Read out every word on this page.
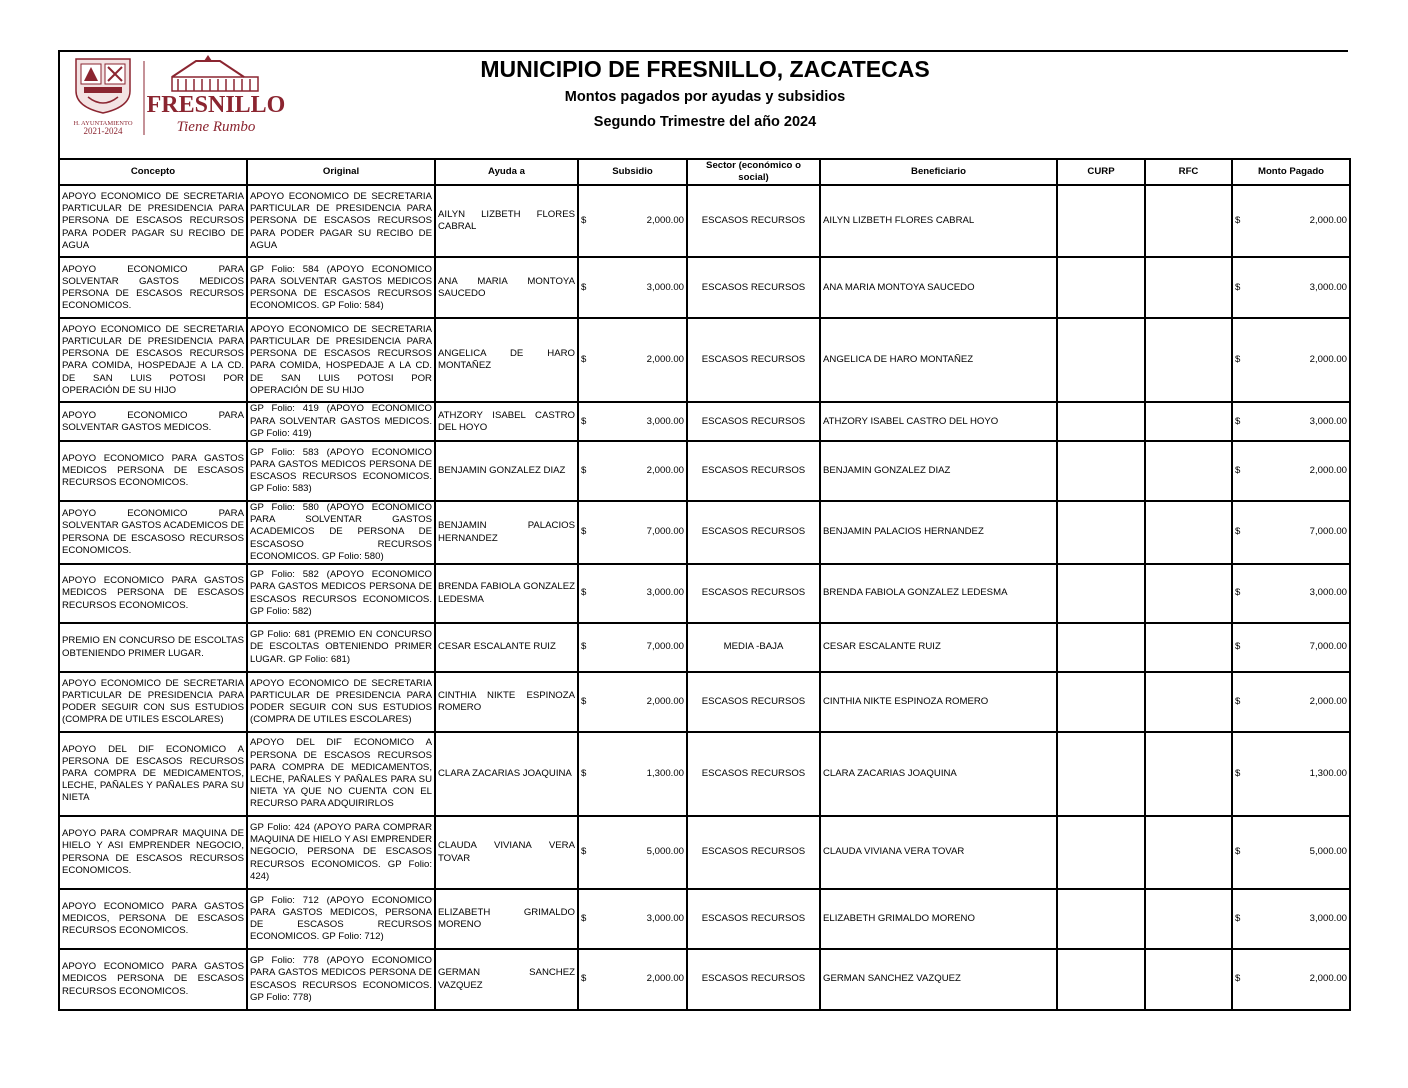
H. AYUNTAMIENTO
2021-2024
FRESNILLO
Tiene Rumbo
MUNICIPIO DE FRESNILLO, ZACATECAS
Montos pagados por ayudas y subsidios
Segundo Trimestre del año 2024
Concepto	Original	Ayuda a	Subsidio	Sector (económico o social)	Beneficiario	CURP	RFC	Monto Pagado
APOYO ECONOMICO DE SECRETARIA PARTICULAR DE PRESIDENCIA PARA PERSONA DE ESCASOS RECURSOS PARA PODER PAGAR SU RECIBO DE AGUA	APOYO ECONOMICO DE SECRETARIA PARTICULAR DE PRESIDENCIA PARA PERSONA DE ESCASOS RECURSOS PARA PODER PAGAR SU RECIBO DE AGUA	AILYN LIZBETH FLORES CABRAL	$ 2,000.00	ESCASOS RECURSOS	AILYN LIZBETH FLORES CABRAL			$ 2,000.00

APOYO ECONOMICO PARA SOLVENTAR GASTOS MEDICOS PERSONA DE ESCASOS RECURSOS ECONOMICOS.	GP Folio: 584 (APOYO ECONOMICO PARA SOLVENTAR GASTOS MEDICOS PERSONA DE ESCASOS RECURSOS ECONOMICOS. GP Folio: 584)	ANA MARIA MONTOYA SAUCEDO	$ 3,000.00	ESCASOS RECURSOS	ANA MARIA MONTOYA SAUCEDO			$ 3,000.00

APOYO ECONOMICO DE SECRETARIA PARTICULAR DE PRESIDENCIA PARA PERSONA DE ESCASOS RECURSOS PARA COMIDA, HOSPEDAJE A LA CD. DE SAN LUIS POTOSI POR OPERACIÓN DE SU HIJO	APOYO ECONOMICO DE SECRETARIA PARTICULAR DE PRESIDENCIA PARA PERSONA DE ESCASOS RECURSOS PARA COMIDA, HOSPEDAJE A LA CD. DE SAN LUIS POTOSI POR OPERACIÓN DE SU HIJO	ANGELICA DE HARO MONTAÑEZ	$ 2,000.00	ESCASOS RECURSOS	ANGELICA DE HARO MONTAÑEZ			$ 2,000.00

APOYO ECONOMICO PARA SOLVENTAR GASTOS MEDICOS.	GP Folio: 419 (APOYO ECONOMICO PARA SOLVENTAR GASTOS MEDICOS. GP Folio: 419)	ATHZORY ISABEL CASTRO DEL HOYO	$ 3,000.00	ESCASOS RECURSOS	ATHZORY ISABEL CASTRO DEL HOYO			$ 3,000.00

APOYO ECONOMICO PARA GASTOS MEDICOS PERSONA DE ESCASOS RECURSOS ECONOMICOS.	GP Folio: 583 (APOYO ECONOMICO PARA GASTOS MEDICOS PERSONA DE ESCASOS RECURSOS ECONOMICOS. GP Folio: 583)	BENJAMIN GONZALEZ DIAZ	$ 2,000.00	ESCASOS RECURSOS	BENJAMIN GONZALEZ DIAZ			$ 2,000.00

APOYO ECONOMICO PARA SOLVENTAR GASTOS ACADEMICOS DE PERSONA DE ESCASOSO RECURSOS ECONOMICOS.	GP Folio: 580 (APOYO ECONOMICO PARA SOLVENTAR GASTOS ACADEMICOS DE PERSONA DE ESCASOSO RECURSOS ECONOMICOS. GP Folio: 580)	BENJAMIN PALACIOS HERNANDEZ	$ 7,000.00	ESCASOS RECURSOS	BENJAMIN PALACIOS HERNANDEZ			$ 7,000.00

APOYO ECONOMICO PARA GASTOS MEDICOS PERSONA DE ESCASOS RECURSOS ECONOMICOS.	GP Folio: 582 (APOYO ECONOMICO PARA GASTOS MEDICOS PERSONA DE ESCASOS RECURSOS ECONOMICOS. GP Folio: 582)	BRENDA FABIOLA GONZALEZ LEDESMA	$ 3,000.00	ESCASOS RECURSOS	BRENDA FABIOLA GONZALEZ LEDESMA			$ 3,000.00

PREMIO EN CONCURSO DE ESCOLTAS OBTENIENDO PRIMER LUGAR.	GP Folio: 681 (PREMIO EN CONCURSO DE ESCOLTAS OBTENIENDO PRIMER LUGAR. GP Folio: 681)	CESAR ESCALANTE RUIZ	$ 7,000.00	MEDIA -BAJA	CESAR ESCALANTE RUIZ			$ 7,000.00

APOYO ECONOMICO DE SECRETARIA PARTICULAR DE PRESIDENCIA PARA PODER SEGUIR CON SUS ESTUDIOS (COMPRA DE UTILES ESCOLARES)	APOYO ECONOMICO DE SECRETARIA PARTICULAR DE PRESIDENCIA PARA PODER SEGUIR CON SUS ESTUDIOS (COMPRA DE UTILES ESCOLARES)	CINTHIA NIKTE ESPINOZA ROMERO	$ 2,000.00	ESCASOS RECURSOS	CINTHIA NIKTE ESPINOZA ROMERO			$ 2,000.00

APOYO DEL DIF ECONOMICO A PERSONA DE ESCASOS RECURSOS PARA COMPRA DE MEDICAMENTOS, LECHE, PAÑALES Y PAÑALES PARA SU NIETA	APOYO DEL DIF ECONOMICO A PERSONA DE ESCASOS RECURSOS PARA COMPRA DE MEDICAMENTOS, LECHE, PAÑALES Y PAÑALES PARA SU NIETA YA QUE NO CUENTA CON EL RECURSO PARA ADQUIRIRLOS	CLARA ZACARIAS JOAQUINA	$ 1,300.00	ESCASOS RECURSOS	CLARA ZACARIAS JOAQUINA			$ 1,300.00

APOYO PARA COMPRAR MAQUINA DE HIELO Y ASI EMPRENDER NEGOCIO, PERSONA DE ESCASOS RECURSOS ECONOMICOS.	GP Folio: 424 (APOYO PARA COMPRAR MAQUINA DE HIELO Y ASI EMPRENDER NEGOCIO, PERSONA DE ESCASOS RECURSOS ECONOMICOS. GP Folio: 424)	CLAUDA VIVIANA VERA TOVAR	$ 5,000.00	ESCASOS RECURSOS	CLAUDA VIVIANA VERA TOVAR			$ 5,000.00

APOYO ECONOMICO PARA GASTOS MEDICOS, PERSONA DE ESCASOS RECURSOS ECONOMICOS.	GP Folio: 712 (APOYO ECONOMICO PARA GASTOS MEDICOS, PERSONA DE ESCASOS RECURSOS ECONOMICOS. GP Folio: 712)	ELIZABETH GRIMALDO MORENO	$ 3,000.00	ESCASOS RECURSOS	ELIZABETH GRIMALDO MORENO			$ 3,000.00

APOYO ECONOMICO PARA GASTOS MEDICOS PERSONA DE ESCASOS RECURSOS ECONOMICOS.	GP Folio: 778 (APOYO ECONOMICO PARA GASTOS MEDICOS PERSONA DE ESCASOS RECURSOS ECONOMICOS. GP Folio: 778)	GERMAN SANCHEZ VAZQUEZ	$ 2,000.00	ESCASOS RECURSOS	GERMAN SANCHEZ VAZQUEZ			$ 2,000.00
